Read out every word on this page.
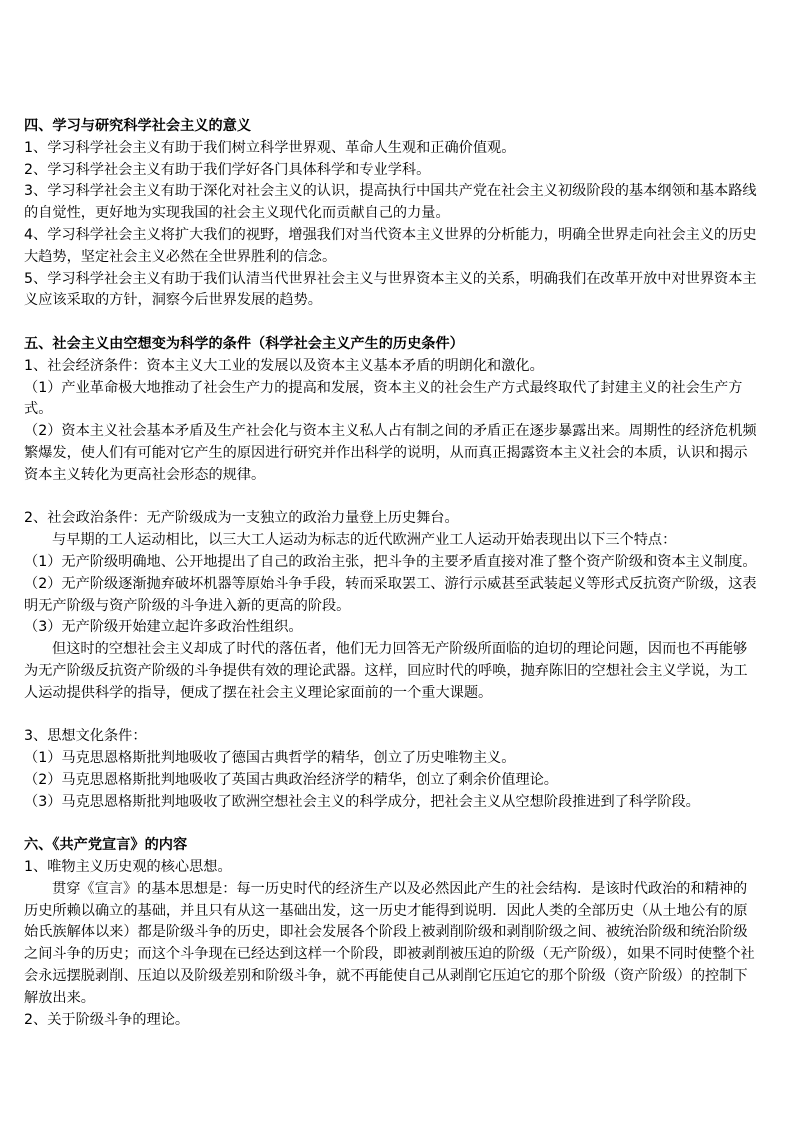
四、学习与研究科学社会主义的意义

1、学习科学社会主义有助于我们树立科学世界观、革命人生观和正确价值观。

2、学习科学社会主义有助于我们学好各门具体科学和专业学科。

3、学习科学社会主义有助于深化对社会主义的认识，提高执行中国共产党在社会主义初级阶段的基本纲领和基本路线的自觉性，更好地为实现我国的社会主义现代化而贡献自己的力量。

4、学习科学社会主义将扩大我们的视野，增强我们对当代资本主义世界的分析能力，明确全世界走向社会主义的历史大趋势，坚定社会主义必然在全世界胜利的信念。

5、学习科学社会主义有助于我们认清当代世界社会主义与世界资本主义的关系，明确我们在改革开放中对世界资本主义应该采取的方针，洞察今后世界发展的趋势。

五、社会主义由空想变为科学的条件（科学社会主义产生的历史条件）

1、社会经济条件：资本主义大工业的发展以及资本主义基本矛盾的明朗化和激化。

（1）产业革命极大地推动了社会生产力的提高和发展，资本主义的社会生产方式最终取代了封建主义的社会生产方式。

（2）资本主义社会基本矛盾及生产社会化与资本主义私人占有制之间的矛盾正在逐步暴露出来。周期性的经济危机频繁爆发，使人们有可能对它产生的原因进行研究并作出科学的说明，从而真正揭露资本主义社会的本质，认识和揭示资本主义转化为更高社会形态的规律。

2、社会政治条件：无产阶级成为一支独立的政治力量登上历史舞台。

与早期的工人运动相比，以三大工人运动为标志的近代欧洲产业工人运动开始表现出以下三个特点：

（1）无产阶级明确地、公开地提出了自己的政治主张，把斗争的主要矛盾直接对准了整个资产阶级和资本主义制度。

（2）无产阶级逐渐抛弃破坏机器等原始斗争手段，转而采取罢工、游行示威甚至武装起义等形式反抗资产阶级，这表明无产阶级与资产阶级的斗争进入新的更高的阶段。

（3）无产阶级开始建立起许多政治性组织。

但这时的空想社会主义却成了时代的落伍者，他们无力回答无产阶级所面临的迫切的理论问题，因而也不再能够为无产阶级反抗资产阶级的斗争提供有效的理论武器。这样，回应时代的呼唤，抛弃陈旧的空想社会主义学说，为工人运动提供科学的指导，便成了摆在社会主义理论家面前的一个重大课题。

3、思想文化条件：

（1）马克思恩格斯批判地吸收了德国古典哲学的精华，创立了历史唯物主义。

（2）马克思恩格斯批判地吸收了英国古典政治经济学的精华，创立了剩余价值理论。

（3）马克思恩格斯批判地吸收了欧洲空想社会主义的科学成分，把社会主义从空想阶段推进到了科学阶段。

六、《共产党宣言》的内容

1、唯物主义历史观的核心思想。

贯穿《宣言》的基本思想是：每一历史时代的经济生产以及必然因此产生的社会结构．是该时代政治的和精神的历史所赖以确立的基础，并且只有从这一基础出发，这一历史才能得到说明．因此人类的全部历史（从土地公有的原始氏族解体以来）都是阶级斗争的历史，即社会发展各个阶段上被剥削阶级和剥削阶级之间、被统治阶级和统治阶级之间斗争的历史；而这个斗争现在已经达到这样一个阶段，即被剥削被压迫的阶级（无产阶级），如果不同时使整个社会永远摆脱剥削、压迫以及阶级差别和阶级斗争，就不再能使自己从剥削它压迫它的那个阶级（资产阶级）的控制下解放出来。

2、关于阶级斗争的理论。
